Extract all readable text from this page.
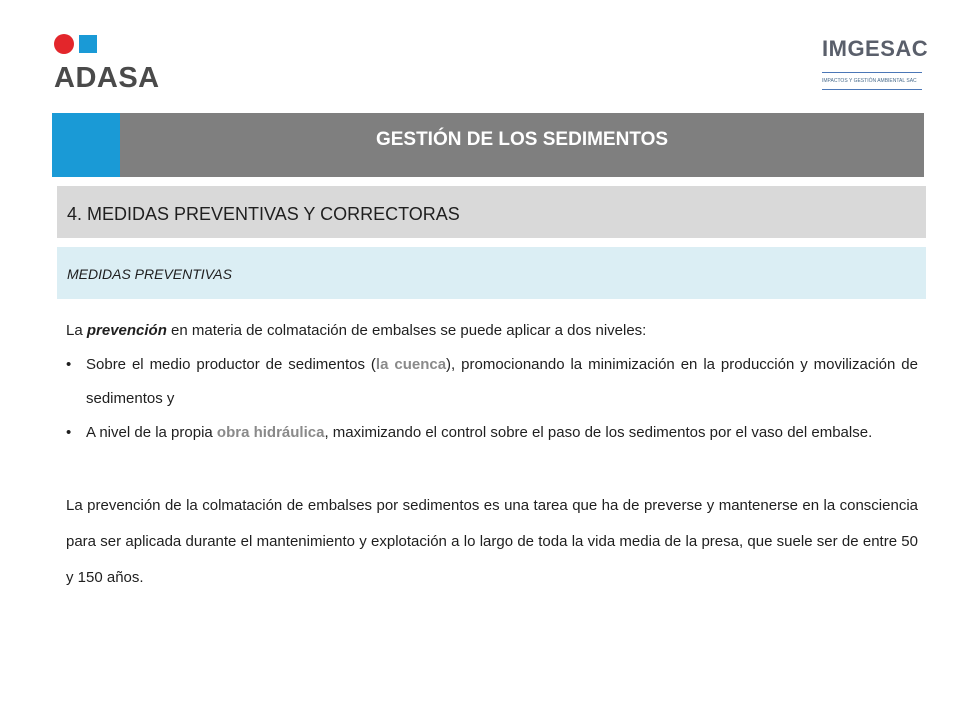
ADASA
IMGESAC
IMPACTOS Y GESTIÓN AMBIENTAL SAC
GESTIÓN DE LOS SEDIMENTOS
4. MEDIDAS PREVENTIVAS Y CORRECTORAS
MEDIDAS PREVENTIVAS

La prevención en materia de colmatación de embalses se puede aplicar a dos niveles:

• Sobre el medio productor de sedimentos (la cuenca), promocionando la minimización en la producción y movilización de sedimentos y
• A nivel de la propia obra hidráulica, maximizando el control sobre el paso de los sedimentos por el vaso del embalse.

La prevención de la colmatación de embalses por sedimentos es una tarea que ha de preverse y mantenerse en la consciencia para ser aplicada durante el mantenimiento y explotación a lo largo de toda la vida media de la presa, que suele ser de entre 50 y 150 años.
